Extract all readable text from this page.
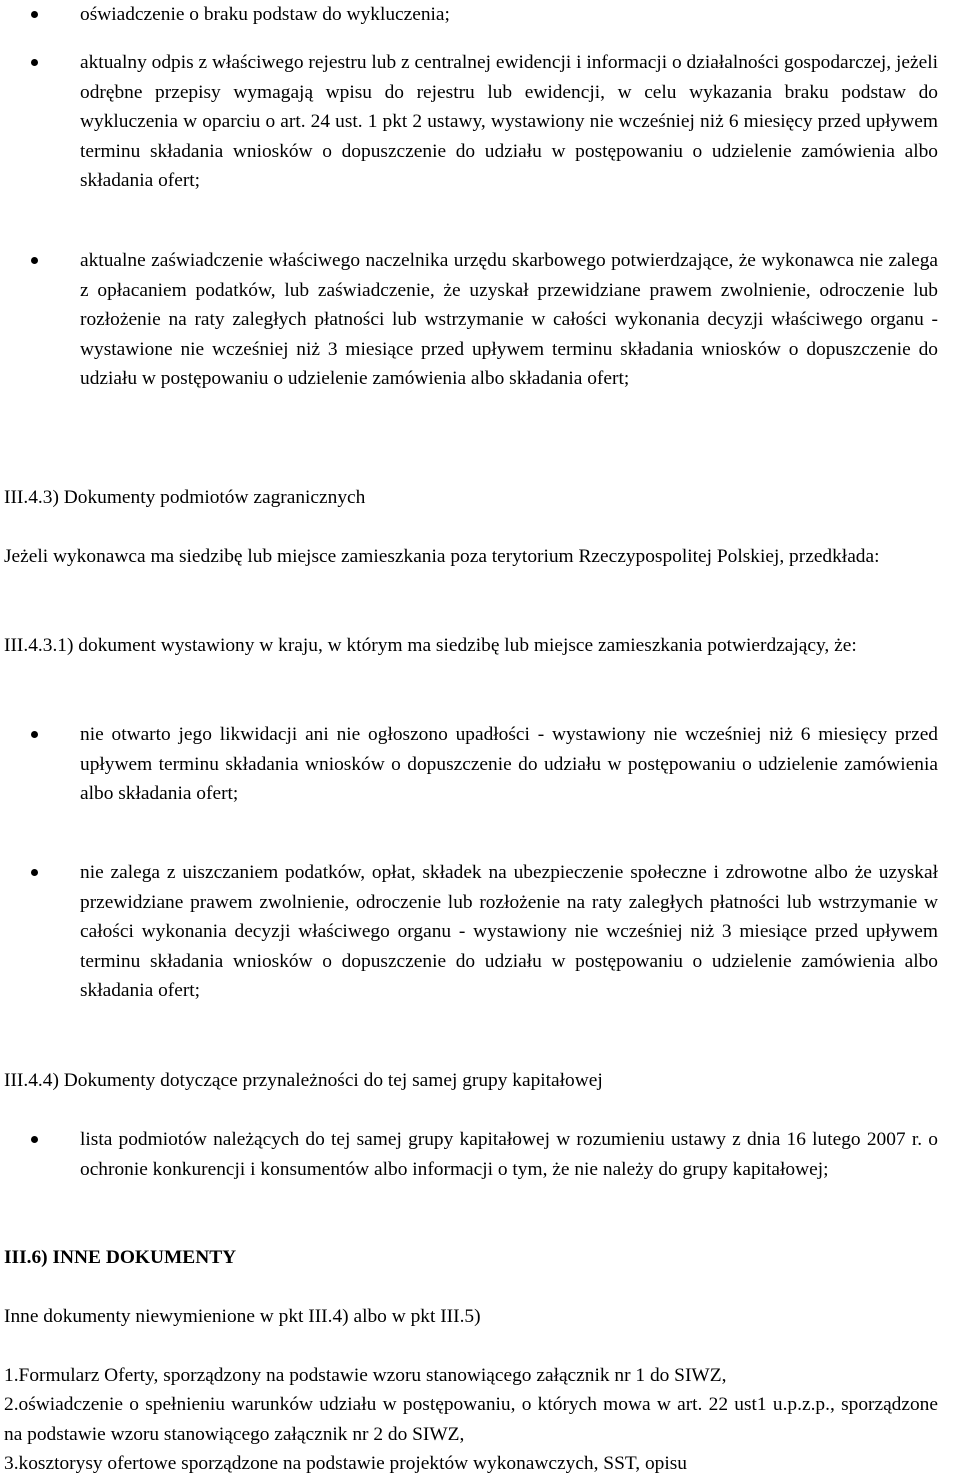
oświadczenie o braku podstaw do wykluczenia;
aktualny odpis z właściwego rejestru lub z centralnej ewidencji i informacji o działalności gospodarczej, jeżeli odrębne przepisy wymagają wpisu do rejestru lub ewidencji, w celu wykazania braku podstaw do wykluczenia w oparciu o art. 24 ust. 1 pkt 2 ustawy, wystawiony nie wcześniej niż 6 miesięcy przed upływem terminu składania wniosków o dopuszczenie do udziału w postępowaniu o udzielenie zamówienia albo składania ofert;
aktualne zaświadczenie właściwego naczelnika urzędu skarbowego potwierdzające, że wykonawca nie zalega z opłacaniem podatków, lub zaświadczenie, że uzyskał przewidziane prawem zwolnienie, odroczenie lub rozłożenie na raty zaległych płatności lub wstrzymanie w całości wykonania decyzji właściwego organu - wystawione nie wcześniej niż 3 miesiące przed upływem terminu składania wniosków o dopuszczenie do udziału w postępowaniu o udzielenie zamówienia albo składania ofert;
III.4.3) Dokumenty podmiotów zagranicznych
Jeżeli wykonawca ma siedzibę lub miejsce zamieszkania poza terytorium Rzeczypospolitej Polskiej, przedkłada:
III.4.3.1) dokument wystawiony w kraju, w którym ma siedzibę lub miejsce zamieszkania potwierdzający, że:
nie otwarto jego likwidacji ani nie ogłoszono upadłości - wystawiony nie wcześniej niż 6 miesięcy przed upływem terminu składania wniosków o dopuszczenie do udziału w postępowaniu o udzielenie zamówienia albo składania ofert;
nie zalega z uiszczaniem podatków, opłat, składek na ubezpieczenie społeczne i zdrowotne albo że uzyskał przewidziane prawem zwolnienie, odroczenie lub rozłożenie na raty zaległych płatności lub wstrzymanie w całości wykonania decyzji właściwego organu - wystawiony nie wcześniej niż 3 miesiące przed upływem terminu składania wniosków o dopuszczenie do udziału w postępowaniu o udzielenie zamówienia albo składania ofert;
III.4.4) Dokumenty dotyczące przynależności do tej samej grupy kapitałowej
lista podmiotów należących do tej samej grupy kapitałowej w rozumieniu ustawy z dnia 16 lutego 2007 r. o ochronie konkurencji i konsumentów albo informacji o tym, że nie należy do grupy kapitałowej;
III.6) INNE DOKUMENTY
Inne dokumenty niewymienione w pkt III.4) albo w pkt III.5)
1.Formularz Oferty, sporządzony na podstawie wzoru stanowiącego załącznik nr 1 do SIWZ,
2.oświadczenie o spełnieniu warunków udziału w postępowaniu, o których mowa w art. 22 ust1 u.p.z.p., sporządzone na podstawie wzoru stanowiącego załącznik nr 2 do SIWZ,
3.kosztorysy ofertowe sporządzone na podstawie projektów wykonawczych, SST, opisu
